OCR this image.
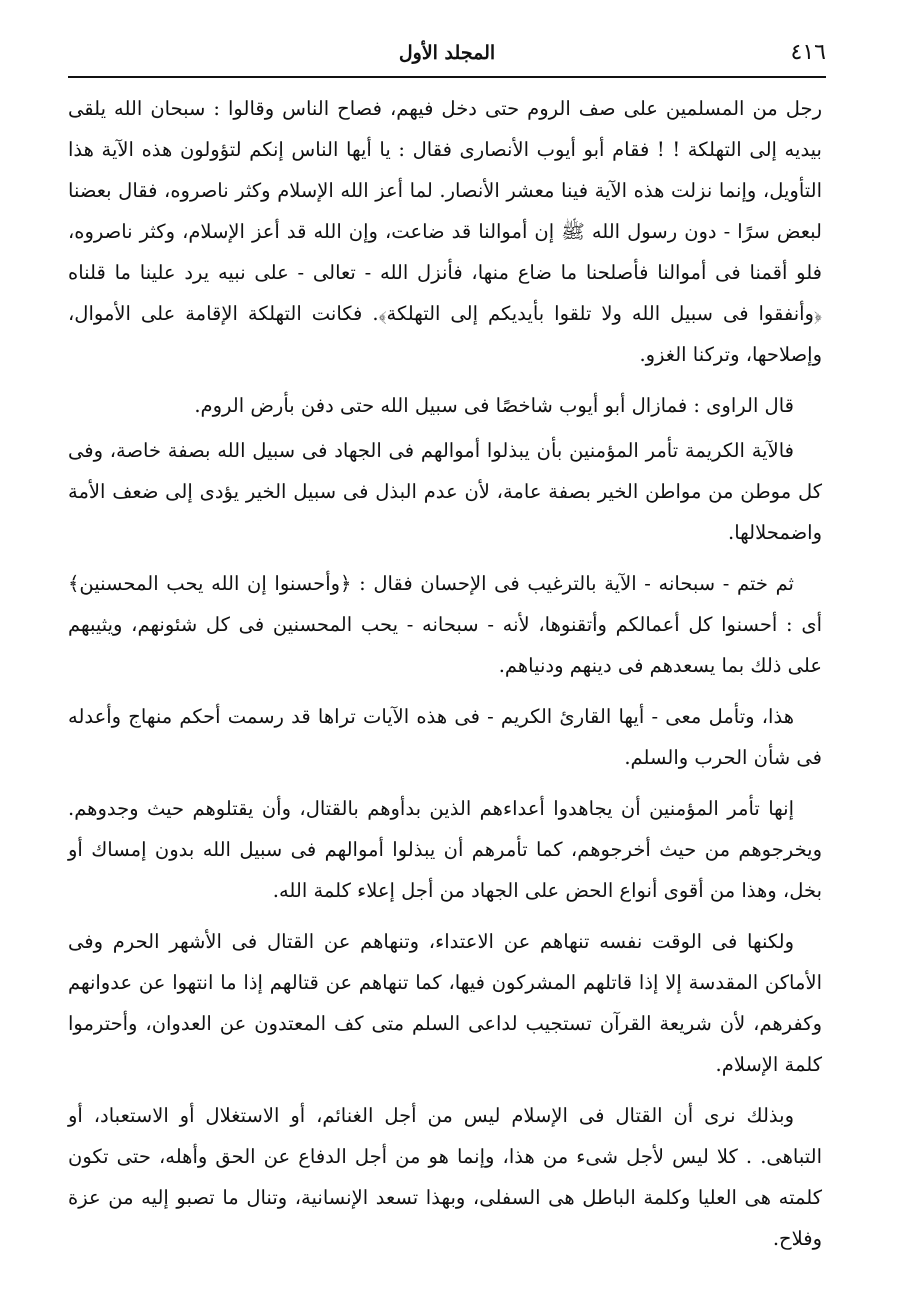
٤١٦
المجلد الأول

رجل من المسلمين على صف الروم حتى دخل فيهم، فصاح الناس وقالوا : سبحان الله يلقى بيديه إلى التهلكة ! ! فقام أبو أيوب الأنصارى فقال : يا أيها الناس إنكم لتؤولون هذه الآية هذا التأويل، وإنما نزلت هذه الآية فينا معشر الأنصار. لما أعز الله الإسلام وكثر ناصروه، فقال بعضنا لبعض سرًا - دون رسول الله ﷺ إن أموالنا قد ضاعت، وإن الله قد أعز الإسلام، وكثر ناصروه، فلو أقمنا فى أموالنا فأصلحنا ما ضاع منها، فأنزل الله - تعالى - على نبيه يرد علينا ما قلناه ﴿وأنفقوا فى سبيل الله ولا تلقوا بأيديكم إلى التهلكة﴾. فكانت التهلكة الإقامة على الأموال، وإصلاحها، وتركنا الغزو.

قال الراوى : فمازال أبو أيوب شاخصًا فى سبيل الله حتى دفن بأرض الروم.

فالآية الكريمة تأمر المؤمنين بأن يبذلوا أموالهم فى الجهاد فى سبيل الله بصفة خاصة، وفى كل موطن من مواطن الخير بصفة عامة، لأن عدم البذل فى سبيل الخير يؤدى إلى ضعف الأمة واضمحلالها.

ثم ختم - سبحانه - الآية بالترغيب فى الإحسان فقال : ﴿وأحسنوا إن الله يحب المحسنين﴾ أى : أحسنوا كل أعمالكم وأتقنوها، لأنه - سبحانه - يحب المحسنين فى كل شئونهم، ويثيبهم على ذلك بما يسعدهم فى دينهم ودنياهم.

هذا، وتأمل معى - أيها القارئ الكريم - فى هذه الآيات تراها قد رسمت أحكم منهاج وأعدله فى شأن الحرب والسلم.

إنها تأمر المؤمنين أن يجاهدوا أعداءهم الذين بدأوهم بالقتال، وأن يقتلوهم حيث وجدوهم. ويخرجوهم من حيث أخرجوهم، كما تأمرهم أن يبذلوا أموالهم فى سبيل الله بدون إمساك أو بخل، وهذا من أقوى أنواع الحض على الجهاد من أجل إعلاء كلمة الله.

ولكنها فى الوقت نفسه تنهاهم عن الاعتداء، وتنهاهم عن القتال فى الأشهر الحرم وفى الأماكن المقدسة إلا إذا قاتلهم المشركون فيها، كما تنهاهم عن قتالهم إذا ما انتهوا عن عدوانهم وكفرهم، لأن شريعة القرآن تستجيب لداعى السلم متى كف المعتدون عن العدوان، وأحترموا كلمة الإسلام.

وبذلك نرى أن القتال فى الإسلام ليس من أجل الغنائم، أو الاستغلال أو الاستعباد، أو التباهى. . كلا ليس لأجل شىء من هذا، وإنما هو من أجل الدفاع عن الحق وأهله، حتى تكون كلمته هى العليا وكلمة الباطل هى السفلى، وبهذا تسعد الإنسانية، وتنال ما تصبو إليه من عزة وفلاح.
